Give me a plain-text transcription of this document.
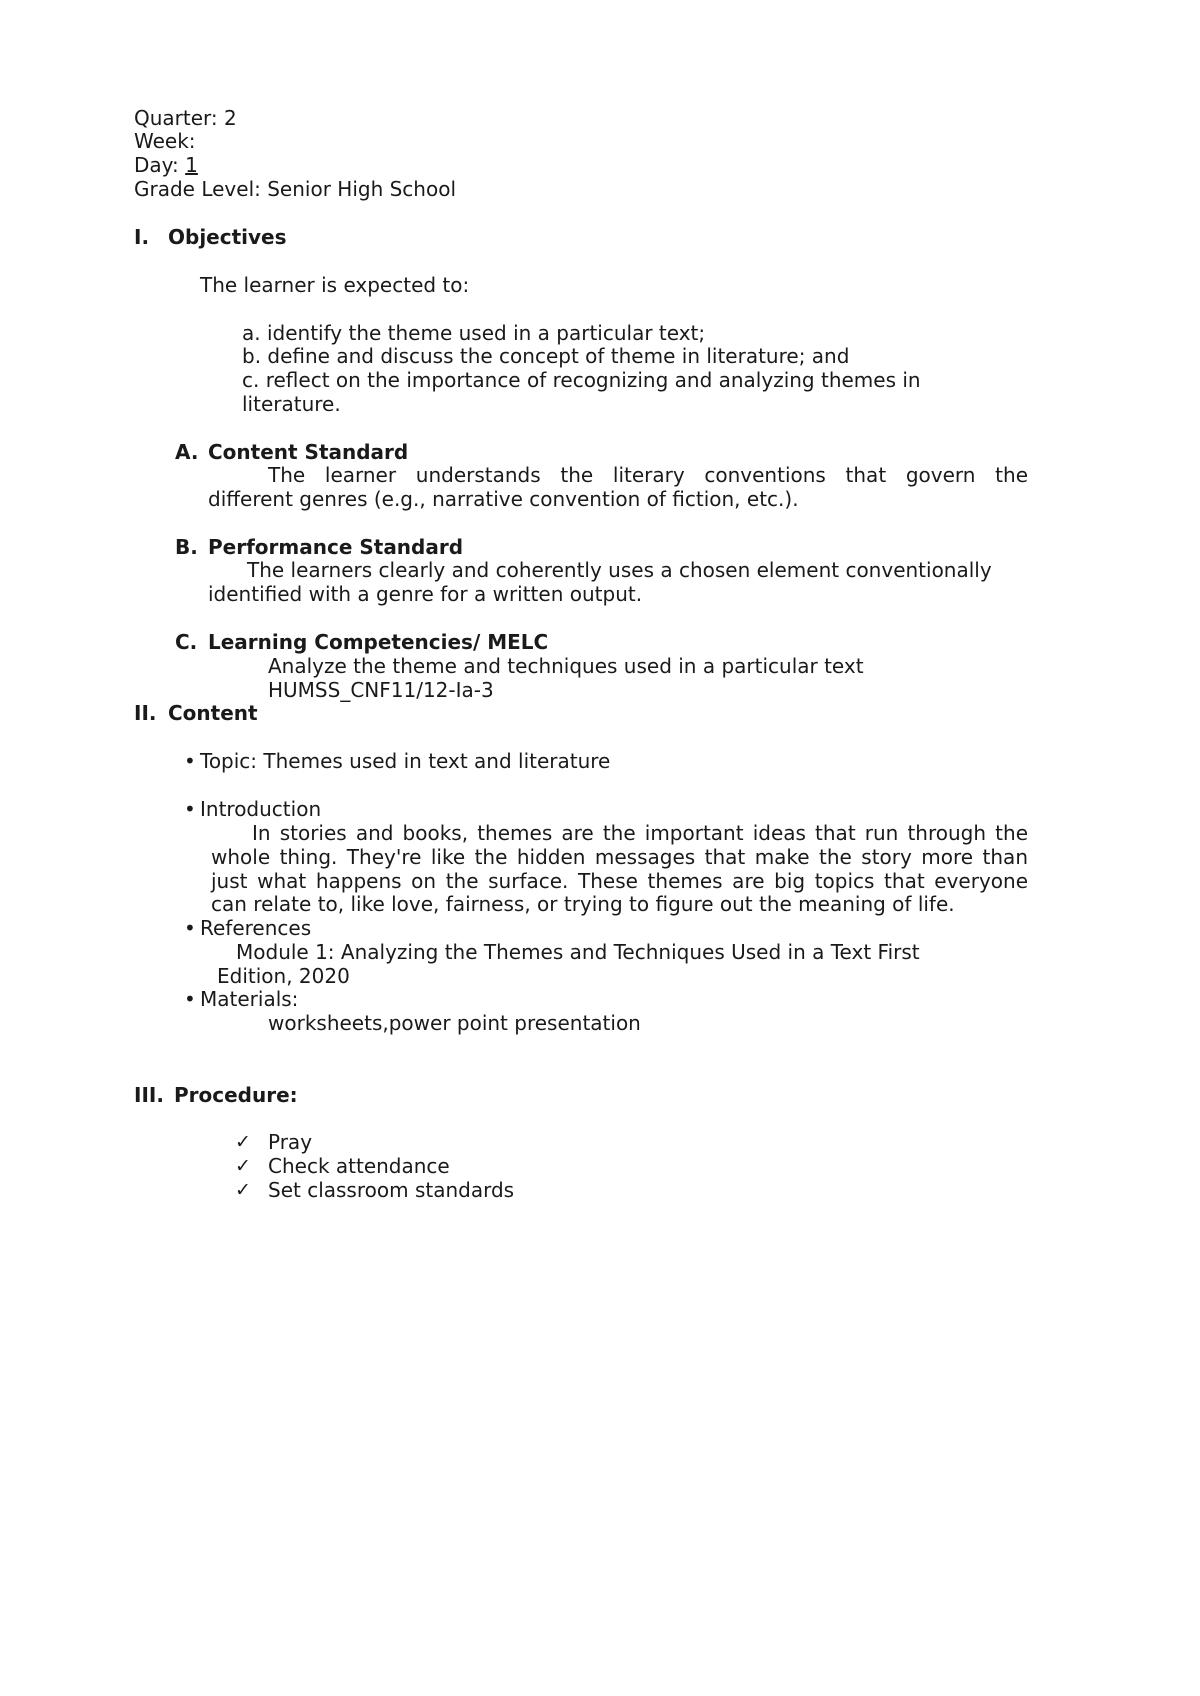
Quarter: 2
Week:
Day: 1
Grade Level: Senior High School
I. Objectives
The learner is expected to:
a. identify the theme used in a particular text;
b. define and discuss the concept of theme in literature; and
c. reflect on the importance of recognizing and analyzing themes in
literature.
A. Content Standard
The learner understands the literary conventions that govern the
different genres (e.g., narrative convention of fiction, etc.).
B. Performance Standard
The learners clearly and coherently uses a chosen element conventionally
identified with a genre for a written output.
C. Learning Competencies/ MELC
Analyze the theme and techniques used in a particular text
HUMSS_CNF11/12-Ia-3
II. Content
• Topic: Themes used in text and literature
• Introduction
In stories and books, themes are the important ideas that run through the
whole thing. They're like the hidden messages that make the story more than
just what happens on the surface. These themes are big topics that everyone
can relate to, like love, fairness, or trying to figure out the meaning of life.
• References
Module 1: Analyzing the Themes and Techniques Used in a Text First
Edition, 2020
• Materials:
worksheets,power point presentation
III. Procedure:
✓ Pray
✓ Check attendance
✓ Set classroom standards
